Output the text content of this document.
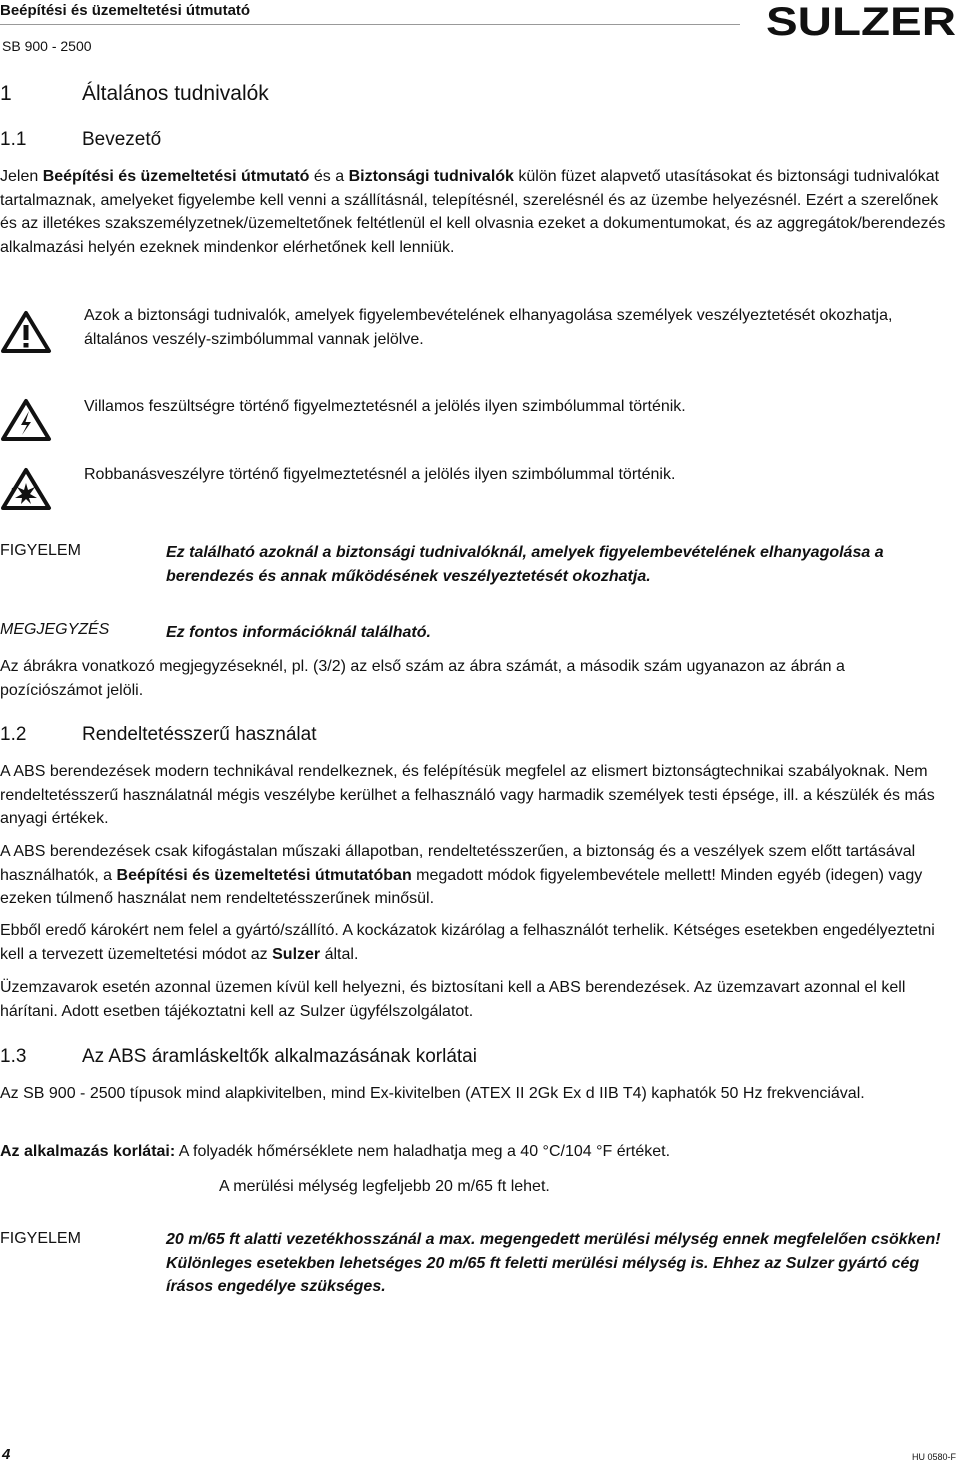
Beépítési és üzemeltetési útmutató
SB 900 - 2500
SULZER
1	Általános tudnivalók
1.1	Bevezető
Jelen Beépítési és üzemeltetési útmutató és a Biztonsági tudnivalók külön füzet alapvető utasításokat és biztonsági tudnivalókat tartalmaznak, amelyeket figyelembe kell venni a szállításnál, telepítésnél, szerelésnél és az üzembe helyezésnél. Ezért a szerelőnek és az illetékes szakszemélyzetnek/üzemeltetőnek feltétlenül el kell olvasnia ezeket a dokumentumokat, és az aggregátok/berendezés alkalmazási helyén ezeknek mindenkor elérhetőnek kell lenniük.
Azok a biztonsági tudnivalók, amelyek figyelembevételének elhanyagolása személyek veszélyeztetését okozhatja, általános veszély-szimbólummal vannak jelölve.
Villamos feszültségre történő figyelmeztetésnél a jelölés ilyen szimbólummal történik.
Robbanásveszélyre történő figyelmeztetésnél a jelölés ilyen szimbólummal történik.
FIGYELEM	Ez található azoknál a biztonsági tudnivalóknál, amelyek figyelembevételének elhanyagolása a berendezés és annak működésének veszélyeztetését okozhatja.
MEGJEGYZÉS	Ez fontos információknál található.
Az ábrákra vonatkozó megjegyzéseknél, pl. (3/2) az első szám az ábra számát, a második szám ugyanazon az ábrán a pozíciószámot jelöli.
1.2	Rendeltetésszerű használat
A ABS berendezések modern technikával rendelkeznek, és felépítésük megfelel az elismert biztonságtechnikai szabályoknak. Nem rendeltetésszerű használatnál mégis veszélybe kerülhet a felhasználó vagy harmadik személyek testi épsége, ill. a készülék és más anyagi értékek.
A ABS berendezések csak kifogástalan műszaki állapotban, rendeltetésszerűen, a biztonság és a veszélyek szem előtt tartásával használhatók, a Beépítési és üzemeltetési útmutatóban megadott módok figyelembevétele mellett! Minden egyéb (idegen) vagy ezeken túlmenő használat nem rendeltetésszerűnek minősül.
Ebből eredő károkért nem felel a gyártó/szállító. A kockázatok kizárólag a felhasználót terhelik. Kétséges esetekben engedélyeztetni kell a tervezett üzemeltetési módot az Sulzer által.
Üzemzavarok esetén azonnal üzemen kívül kell helyezni, és biztosítani kell a ABS berendezések. Az üzemzavart azonnal el kell hárítani. Adott esetben tájékoztatni kell az Sulzer ügyfélszolgálatot.
1.3	Az ABS áramláskeltők alkalmazásának korlátai
Az SB 900 - 2500 típusok mind alapkivitelben, mind Ex-kivitelben (ATEX II 2Gk Ex d IIB T4) kaphatók 50 Hz frekvenciával.
Az alkalmazás korlátai: A folyadék hőmérséklete nem haladhatja meg a 40 °C/104 °F értéket.
A merülési mélység legfeljebb 20 m/65 ft lehet.
FIGYELEM	20 m/65 ft alatti vezetékhosszánál a max. megengedett merülési mélység ennek megfelelően csökken! Különleges esetekben lehetséges 20 m/65 ft feletti merülési mélység is. Ehhez az Sulzer gyártó cég írásos engedélye szükséges.
4	HU 0580-F
